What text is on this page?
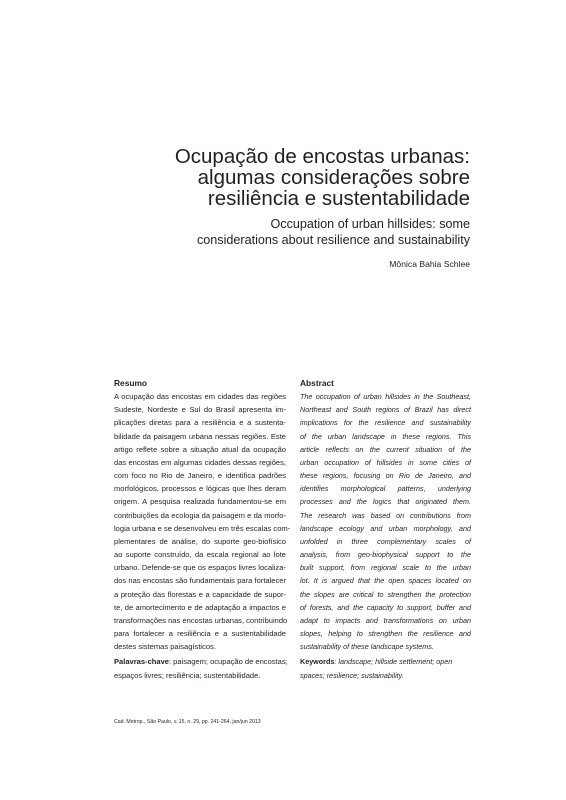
Ocupação de encostas urbanas:
algumas considerações sobre
resiliência e sustentabilidade
Occupation of urban hillsides: some
considerations about resilience and sustainability
Mônica Bahia Schlee
Resumo
A ocupação das encostas em cidades das regiões
Sudeste, Nordeste e Sul do Brasil apresenta im-
plicações diretas para a resiliência e a sustenta-
bilidade da paisagem urbana nessas regiões. Este
artigo reflete sobre a situação atual da ocupação
das encostas em algumas cidades dessas regiões,
com foco no Rio de Janeiro, e identifica padrões
morfológicos, processos e lógicas que lhes deram
origem. A pesquisa realizada fundamentou-se em
contribuições da ecologia da paisagem e da morfo-
logia urbana e se desenvolveu em três escalas com-
plementares de análise, do suporte geo-biofísico
ao suporte construído, da escala regional ao lote
urbano. Defende-se que os espaços livres localiza-
dos nas encostas são fundamentais para fortalecer
a proteção das florestas e a capacidade de supor-
te, de amortecimento e de adaptação a impactos e
transformações nas encostas urbanas, contribuindo
para fortalecer a resiliência e a sustentabilidade
destes sistemas paisagísticos.
Palavras-chave: paisagem; ocupação de encostas;
espaços livres; resiliência; sustentabilidade.
Abstract
The occupation of urban hillsides in the Southeast,
Northeast and South regions of Brazil has direct
implications for the resilience and sustainability
of the urban landscape in these regions. This
article reflects on the current situation of the
urban occupation of hillsides in some cities of
these regions, focusing on Rio de Janeiro, and
identifies morphological patterns, underlying
processes and the logics that originated them.
The research was based on contributions from
landscape ecology and urban morphology, and
unfolded in three complementary scales of
analysis, from geo-biophysical support to the
built support, from regional scale to the urban
lot. It is argued that the open spaces located on
the slopes are critical to strengthen the protection
of forests, and the capacity to support, buffer and
adapt to impacts and transformations on urban
slopes, helping to strengthen the resilience and
sustainability of these landscape systems.
Keywords: landscape; hillside settlement; open
spaces; resilience; sustainability.
Cad. Metrop., São Paulo, v. 15, n. 29, pp. 241-264, jan/jun 2013
